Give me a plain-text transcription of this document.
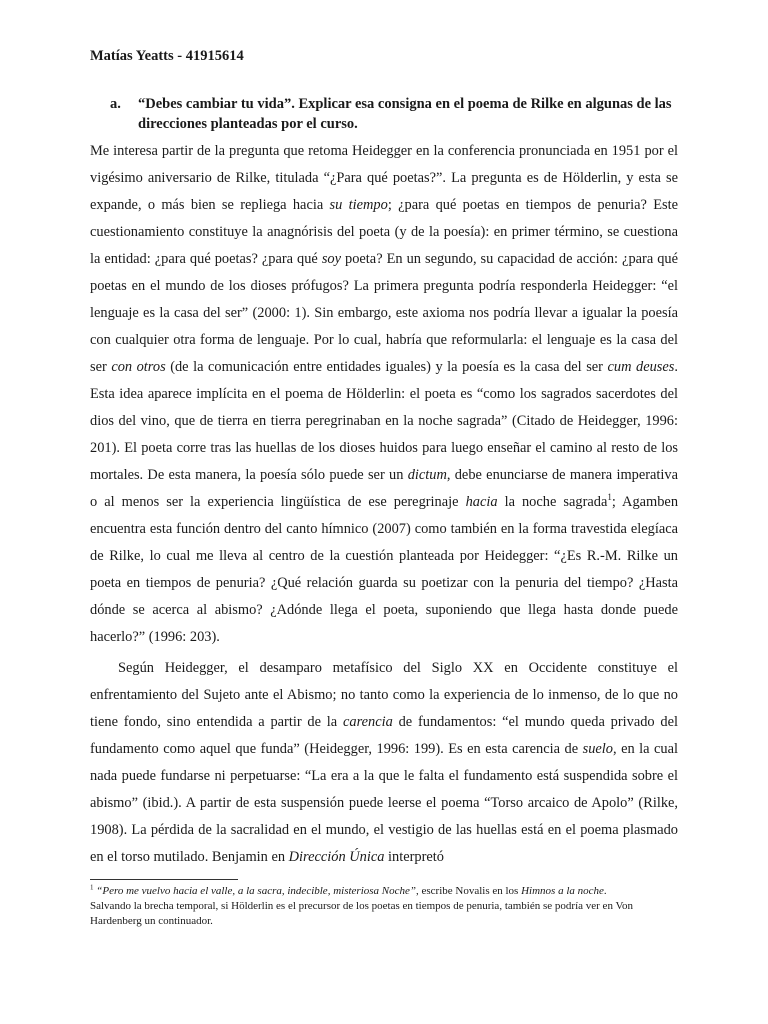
Matías Yeatts - 41915614
a.	“Debes cambiar tu vida”. Explicar esa consigna en el poema de Rilke en algunas de las direcciones planteadas por el curso.

Me interesa partir de la pregunta que retoma Heidegger en la conferencia pronunciada en 1951 por el vigésimo aniversario de Rilke, titulada “¿Para qué poetas?”. La pregunta es de Hölderlin, y esta se expande, o más bien se repliega hacia su tiempo; ¿para qué poetas en tiempos de penuria? Este cuestionamiento constituye la anagnórisis del poeta (y de la poesía): en primer término, se cuestiona la entidad: ¿para qué poetas? ¿para qué soy poeta? En un segundo, su capacidad de acción: ¿para qué poetas en el mundo de los dioses prófugos? La primera pregunta podría responderla Heidegger: “el lenguaje es la casa del ser” (2000: 1). Sin embargo, este axioma nos podría llevar a igualar la poesía con cualquier otra forma de lenguaje. Por lo cual, habría que reformularla: el lenguaje es la casa del ser con otros (de la comunicación entre entidades iguales) y la poesía es la casa del ser cum deuses. Esta idea aparece implícita en el poema de Hölderlin: el poeta es “como los sagrados sacerdotes del dios del vino, que de tierra en tierra peregrinaban en la noche sagrada” (Citado de Heidegger, 1996: 201). El poeta corre tras las huellas de los dioses huidos para luego enseñar el camino al resto de los mortales. De esta manera, la poesía sólo puede ser un dictum, debe enunciarse de manera imperativa o al menos ser la experiencia lingüística de ese peregrinaje hacia la noche sagrada$^1$; Agamben encuentra esta función dentro del canto hímnico (2007) como también en la forma travestida elegíaca de Rilke, lo cual me lleva al centro de la cuestión planteada por Heidegger: “¿Es R.-M. Rilke un poeta en tiempos de penuria? ¿Qué relación guarda su poetizar con la penuria del tiempo? ¿Hasta dónde se acerca al abismo? ¿Adónde llega el poeta, suponiendo que llega hasta donde puede hacerlo?” (1996: 203).

Según Heidegger, el desamparo metafísico del Siglo XX en Occidente constituye el enfrentamiento del Sujeto ante el Abismo; no tanto como la experiencia de lo inmenso, de lo que no tiene fondo, sino entendida a partir de la carencia de fundamentos: “el mundo queda privado del fundamento como aquel que funda” (Heidegger, 1996: 199). Es en esta carencia de suelo, en la cual nada puede fundarse ni perpetuarse: “La era a la que le falta el fundamento está suspendida sobre el abismo” (ibid.). A partir de esta suspensión puede leerse el poema “Torso arcaico de Apolo” (Rilke, 1908). La pérdida de la sacralidad en el mundo, el vestigio de las huellas está en el poema plasmado en el torso mutilado. Benjamin en Dirección Única interpretó

$^1$ “Pero me vuelvo hacia el valle, a la sacra, indecible, misteriosa Noche”, escribe Novalis en los Himnos a la noche. Salvando la brecha temporal, si Hölderlin es el precursor de los poetas en tiempos de penuria, también se podría ver en Von Hardenberg un continuador.
